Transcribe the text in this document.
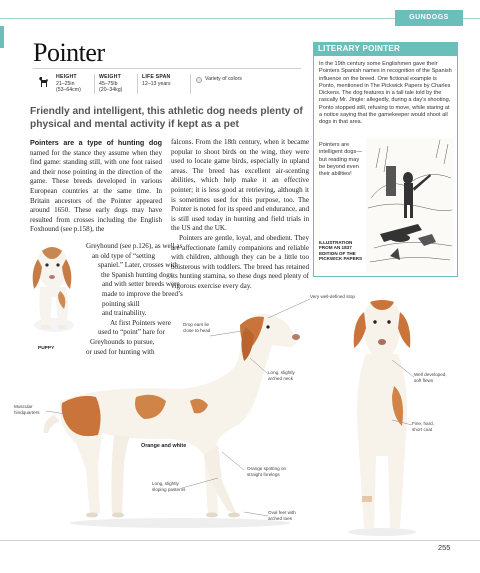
GUNDOGS
Pointer
HEIGHT
21–25in
(53–64cm)
WEIGHT
45–75lb
(20–34kg)
LIFE SPAN
12–13 years
Variety of colors

Friendly and intelligent, this athletic dog needs plenty of physical and mental activity if kept as a pet

Pointers are a type of hunting dog named for the stance they assume when they find game: standing still, with one foot raised and their nose pointing in the direction of the game. These breeds developed in various European countries at the same time. In Britain ancestors of the Pointer appeared around 1650. These early dogs may have resulted from crosses including the English Foxhound (see p.158), the
Greyhound (see p.126), as well as
an old type of “setting
spaniel.” Later, crosses with
the Spanish hunting dogs
and with setter breeds were
made to improve the breed’s
pointing skill
and trainability.
At first Pointers were
used to “point” hare for
Greyhounds to pursue,
or used for hunting with

falcons. From the 18th century, when it became popular to shoot birds on the wing, they were used to locate game birds, especially in upland areas. The breed has excellent air-scenting abilities, which help make it an effective pointer; it is less good at retrieving, although it is sometimes used for this purpose, too. The Pointer is noted for its speed and endurance, and is still used today in hunting and field trials in the US and the UK.

Pointers are gentle, loyal, and obedient. They are affectionate family companions and reliable with children, although they can be a little too boisterous with toddlers. The breed has retained its hunting stamina, so these dogs need plenty of vigorous exercise every day.

LITERARY POINTER

In the 19th century some Englishmen gave their Pointers Spanish names in recognition of the Spanish influence on the breed. One fictional example is Ponto, mentioned in The Pickwick Papers by Charles Dickens. The dog features in a tall tale told by the rascally Mr. Jingle: allegedly, during a day’s shooting, Ponto stopped still, refusing to move, while staring at a notice saying that the gamekeeper would shoot all dogs in that area.

Pointers are intelligent dogs—but reading may be beyond even their abilities!

ILLUSTRATION FROM AN 1837 EDITION OF THE PICKWICK PAPERS

PUPPY
Very well-defined stop
Drop ears lie close to head
Long, slightly arched neck
Muscular hindquarters
Long, slightly sloping pasterns
Orange spotting on straight forelegs
Oval feet with arched toes
Well developed, soft flews
Fine, hard, short coat
Orange and white
255
